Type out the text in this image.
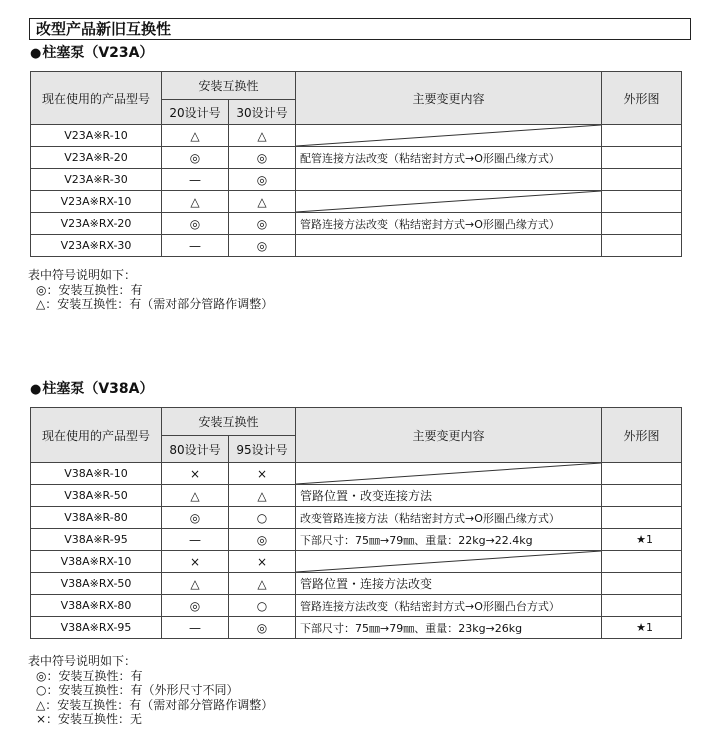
改型产品新旧互换性
●柱塞泵（V23A）
现在使用的产品型号	安装互换性		主要变更内容	外形图
	20设计号	30设计号		
V23A※R-10	△	△	

V23A※R-20	◎	◎	配管连接方法改变（粘结密封方式→O形圈凸缘方式）	
V23A※R-30	—	◎		
V23A※RX-10	△	△	

V23A※RX-20	◎	◎	管路连接方法改变（粘结密封方式→O形圈凸缘方式）	
V23A※RX-30	—	◎		
表中符号说明如下：
◎：安装互换性：有
△：安装互换性：有（需对部分管路作调整）
●柱塞泵（V38A）
现在使用的产品型号	安装互换性		主要变更内容	外形图
	80设计号	95设计号		
V38A※R-10	×	×	

V38A※R-50	△	△	管路位置・改变连接方法	
V38A※R-80	◎	○	改变管路连接方法（粘结密封方式→O形圈凸缘方式）	
V38A※R-95	—	◎	下部尺寸：75㎜→79㎜、重量：22kg→22.4kg	★1
V38A※RX-10	×	×	

V38A※RX-50	△	△	管路位置・连接方法改变	
V38A※RX-80	◎	○	管路连接方法改变（粘结密封方式→O形圈凸台方式）	
V38A※RX-95	—	◎	下部尺寸：75㎜→79㎜、重量：23kg→26kg	★1
表中符号说明如下：
◎：安装互换性：有
○：安装互换性：有（外形尺寸不同）
△：安装互换性：有（需对部分管路作调整）
×：安装互换性：无
